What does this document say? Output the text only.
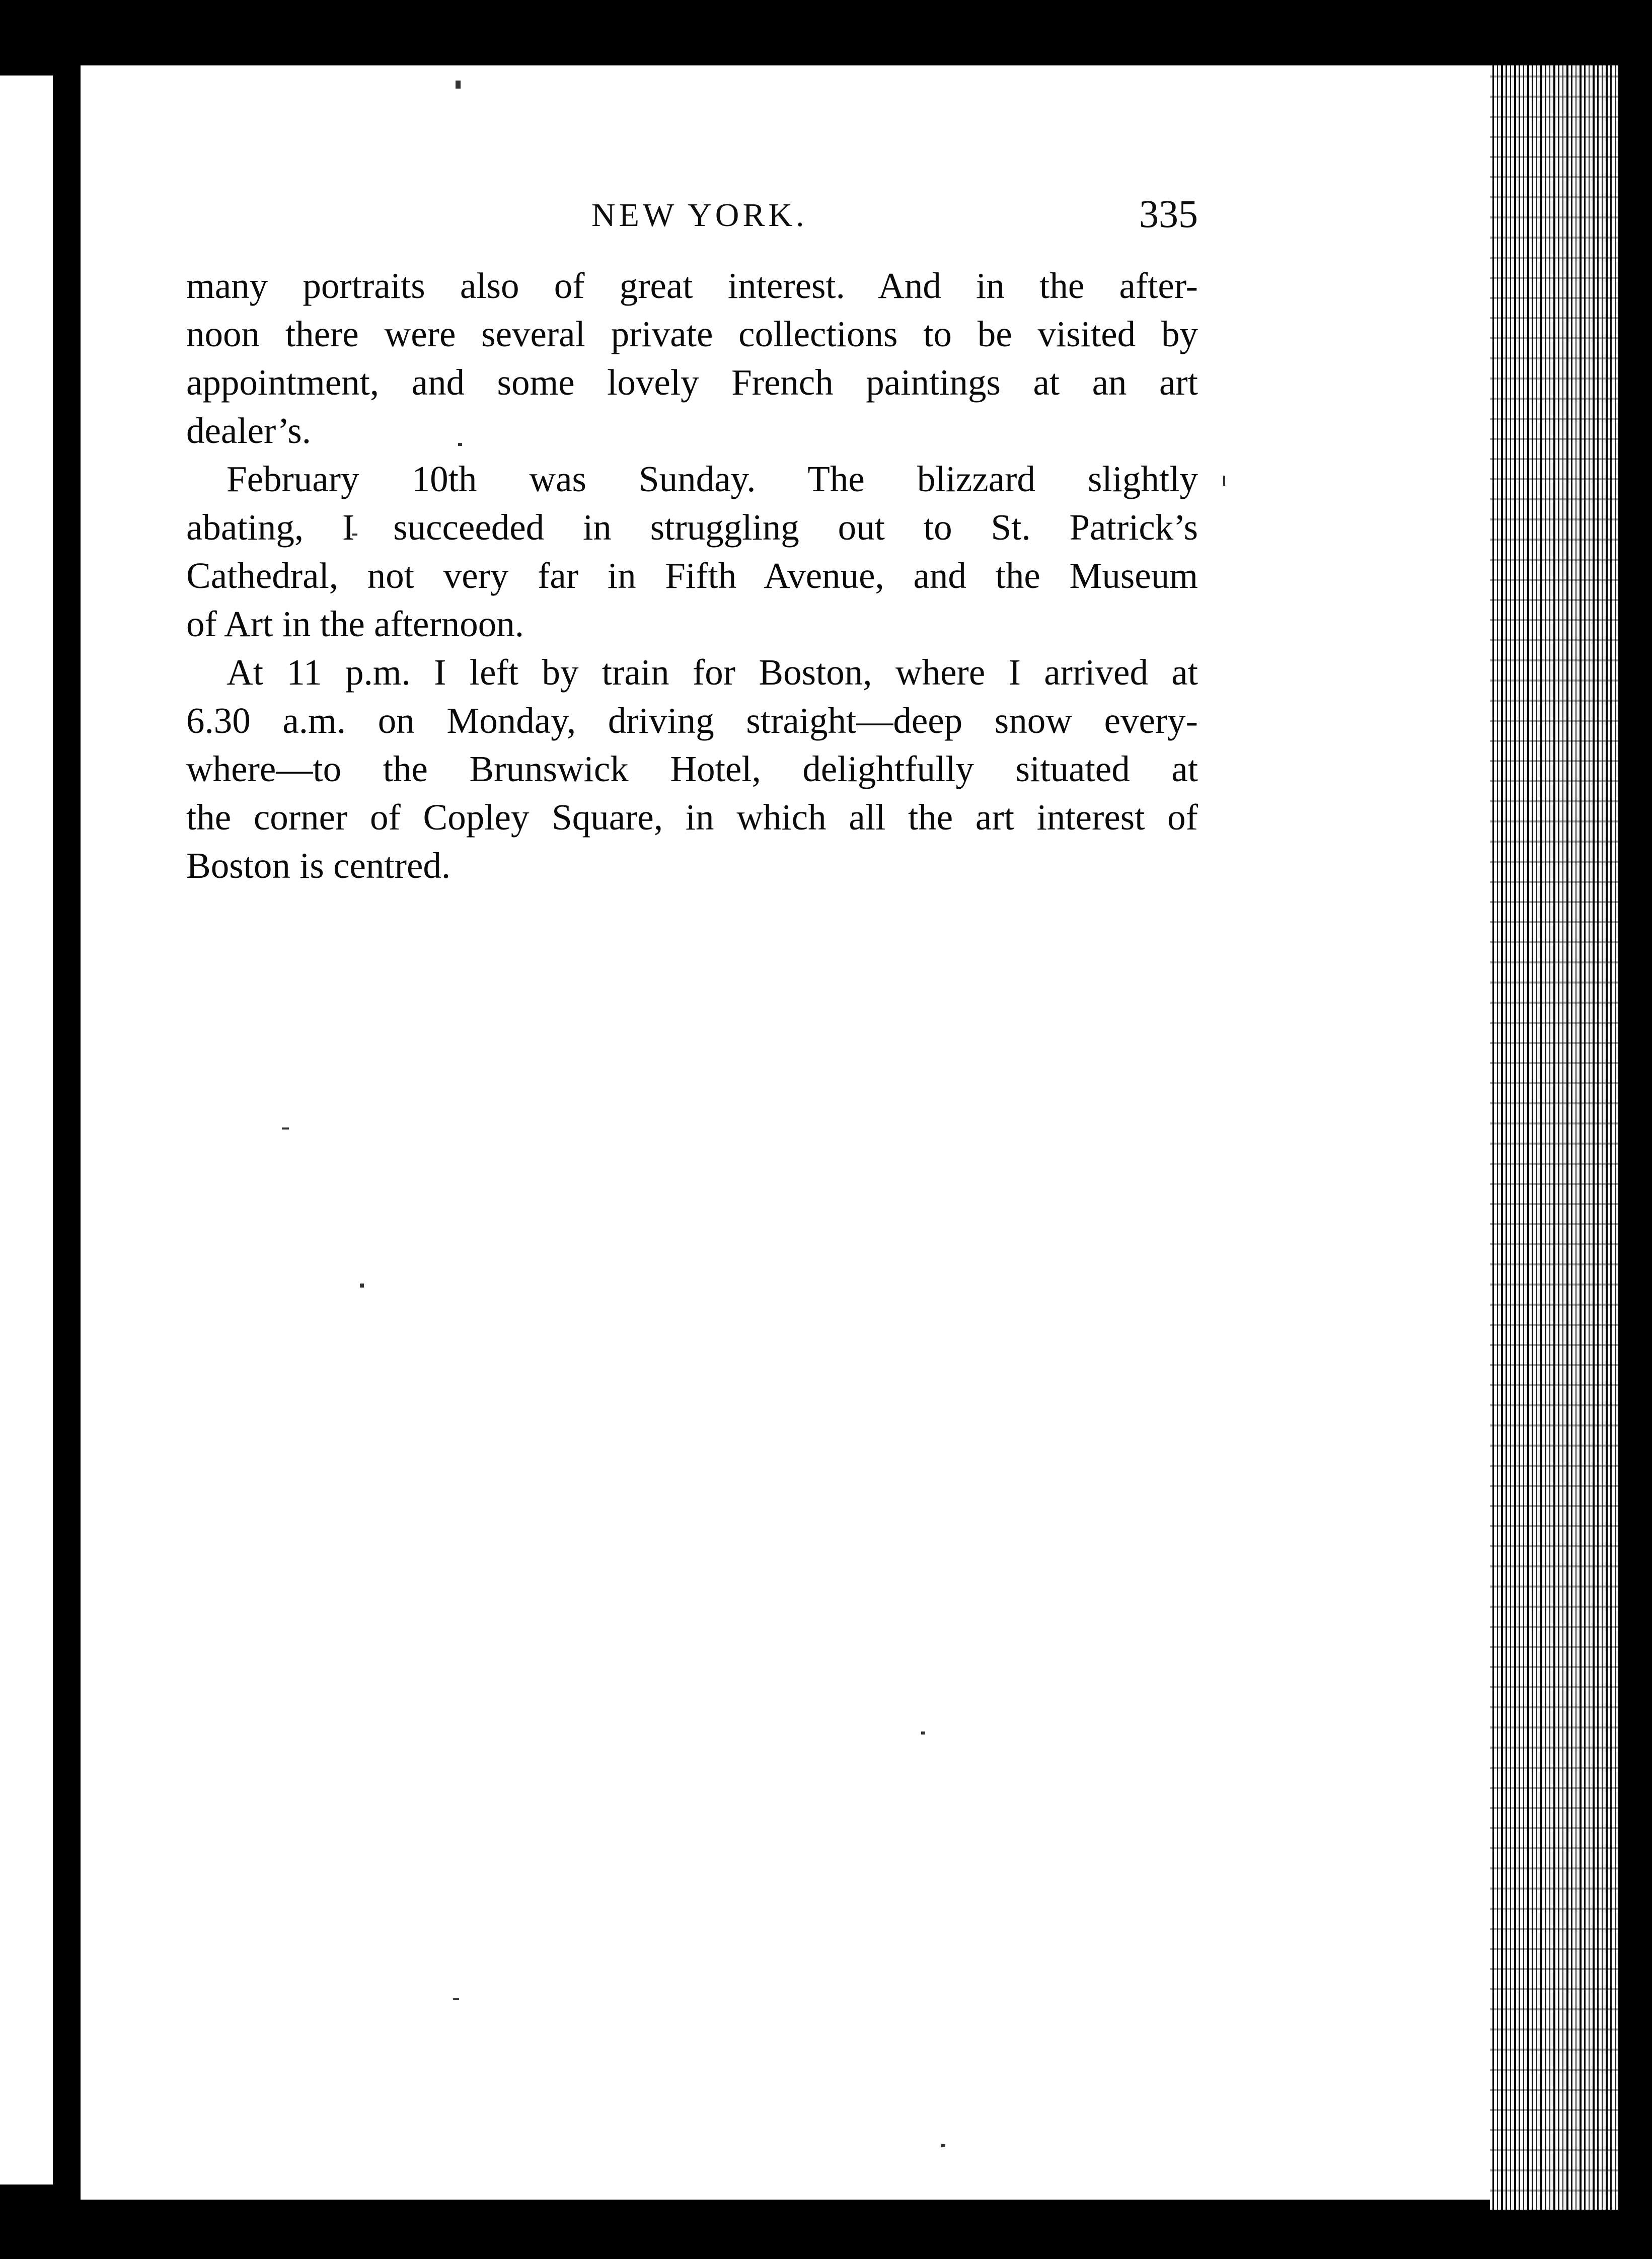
NEW YORK.	335

many portraits also of great interest. And in the after-
noon there were several private collections to be visited by
appointment, and some lovely French paintings at an art
dealer’s.

February 10th was Sunday. The blizzard slightly
abating, I succeeded in struggling out to St. Patrick’s
Cathedral, not very far in Fifth Avenue, and the Museum
of Art in the afternoon.

At 11 p.m. I left by train for Boston, where I arrived at
6.30 a.m. on Monday, driving straight—deep snow every-
where—to the Brunswick Hotel, delightfully situated at
the corner of Copley Square, in which all the art interest of
Boston is centred.
